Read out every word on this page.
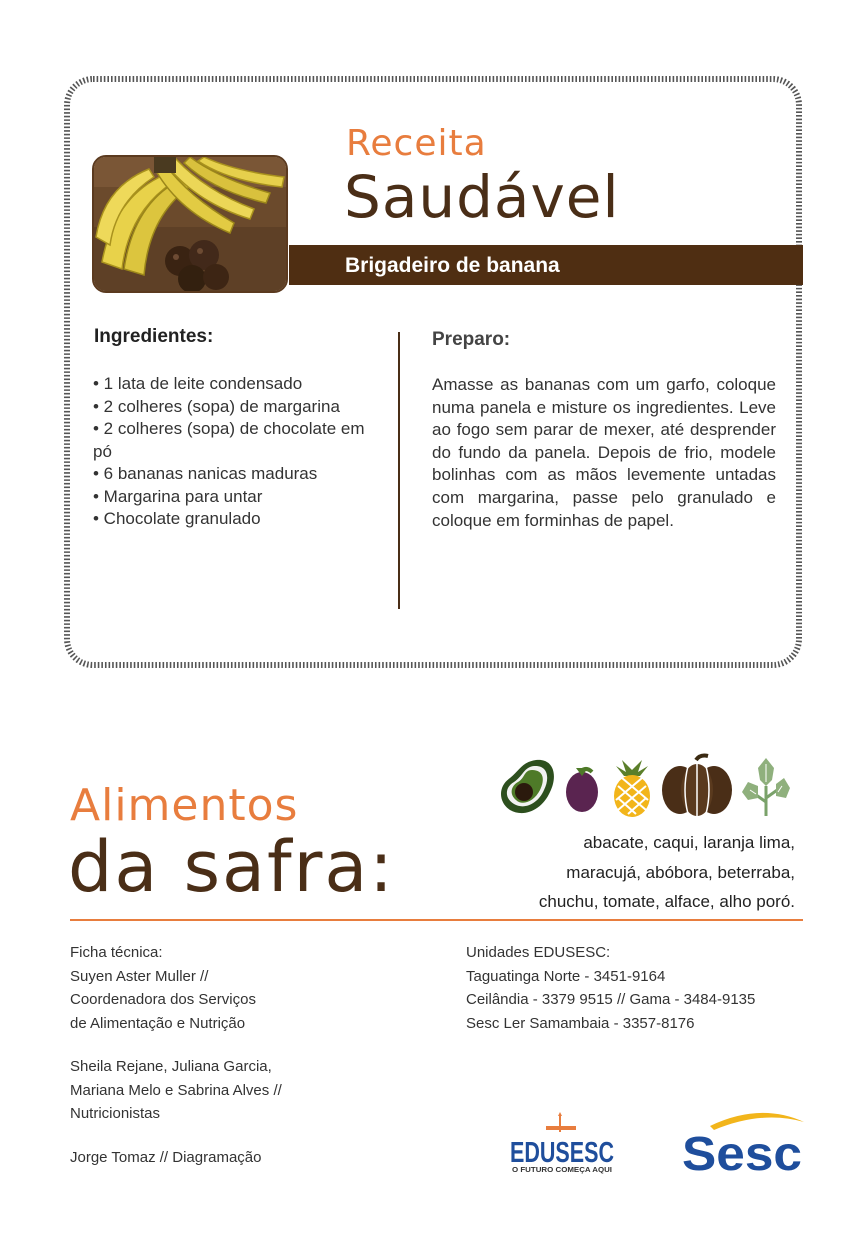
Receita
Saudável
Brigadeiro de banana
Ingredientes:
• 1 lata de leite condensado
• 2 colheres (sopa) de margarina
• 2 colheres (sopa) de chocolate em pó
• 6 bananas nanicas maduras
• Margarina para untar
• Chocolate granulado
Preparo:
Amasse as bananas com um garfo, coloque numa panela e misture os ingredientes. Leve ao fogo sem parar de mexer, até desprender do fundo da panela. Depois de frio, modele bolinhas com as mãos levemente untadas com margarina, passe pelo granulado e coloque em forminhas de papel.
Alimentos
da safra:	abacate, caqui, laranja lima,
maracujá, abóbora, beterraba,
chuchu, tomate, alface, alho poró.
Ficha técnica:

Suyen Aster Muller //
Coordenadora dos Serviços
de Alimentação e Nutrição

Sheila Rejane, Juliana Garcia,
Mariana Melo e Sabrina Alves //
Nutricionistas

Jorge Tomaz // Diagramação

Unidades EDUSESC:
Taguatinga Norte - 3451-9164
Ceilândia - 3379 9515 // Gama - 3484-9135
Sesc Ler Samambaia - 3357-8176
EDUSESC
O FUTURO COMEÇA AQUI Sesc
